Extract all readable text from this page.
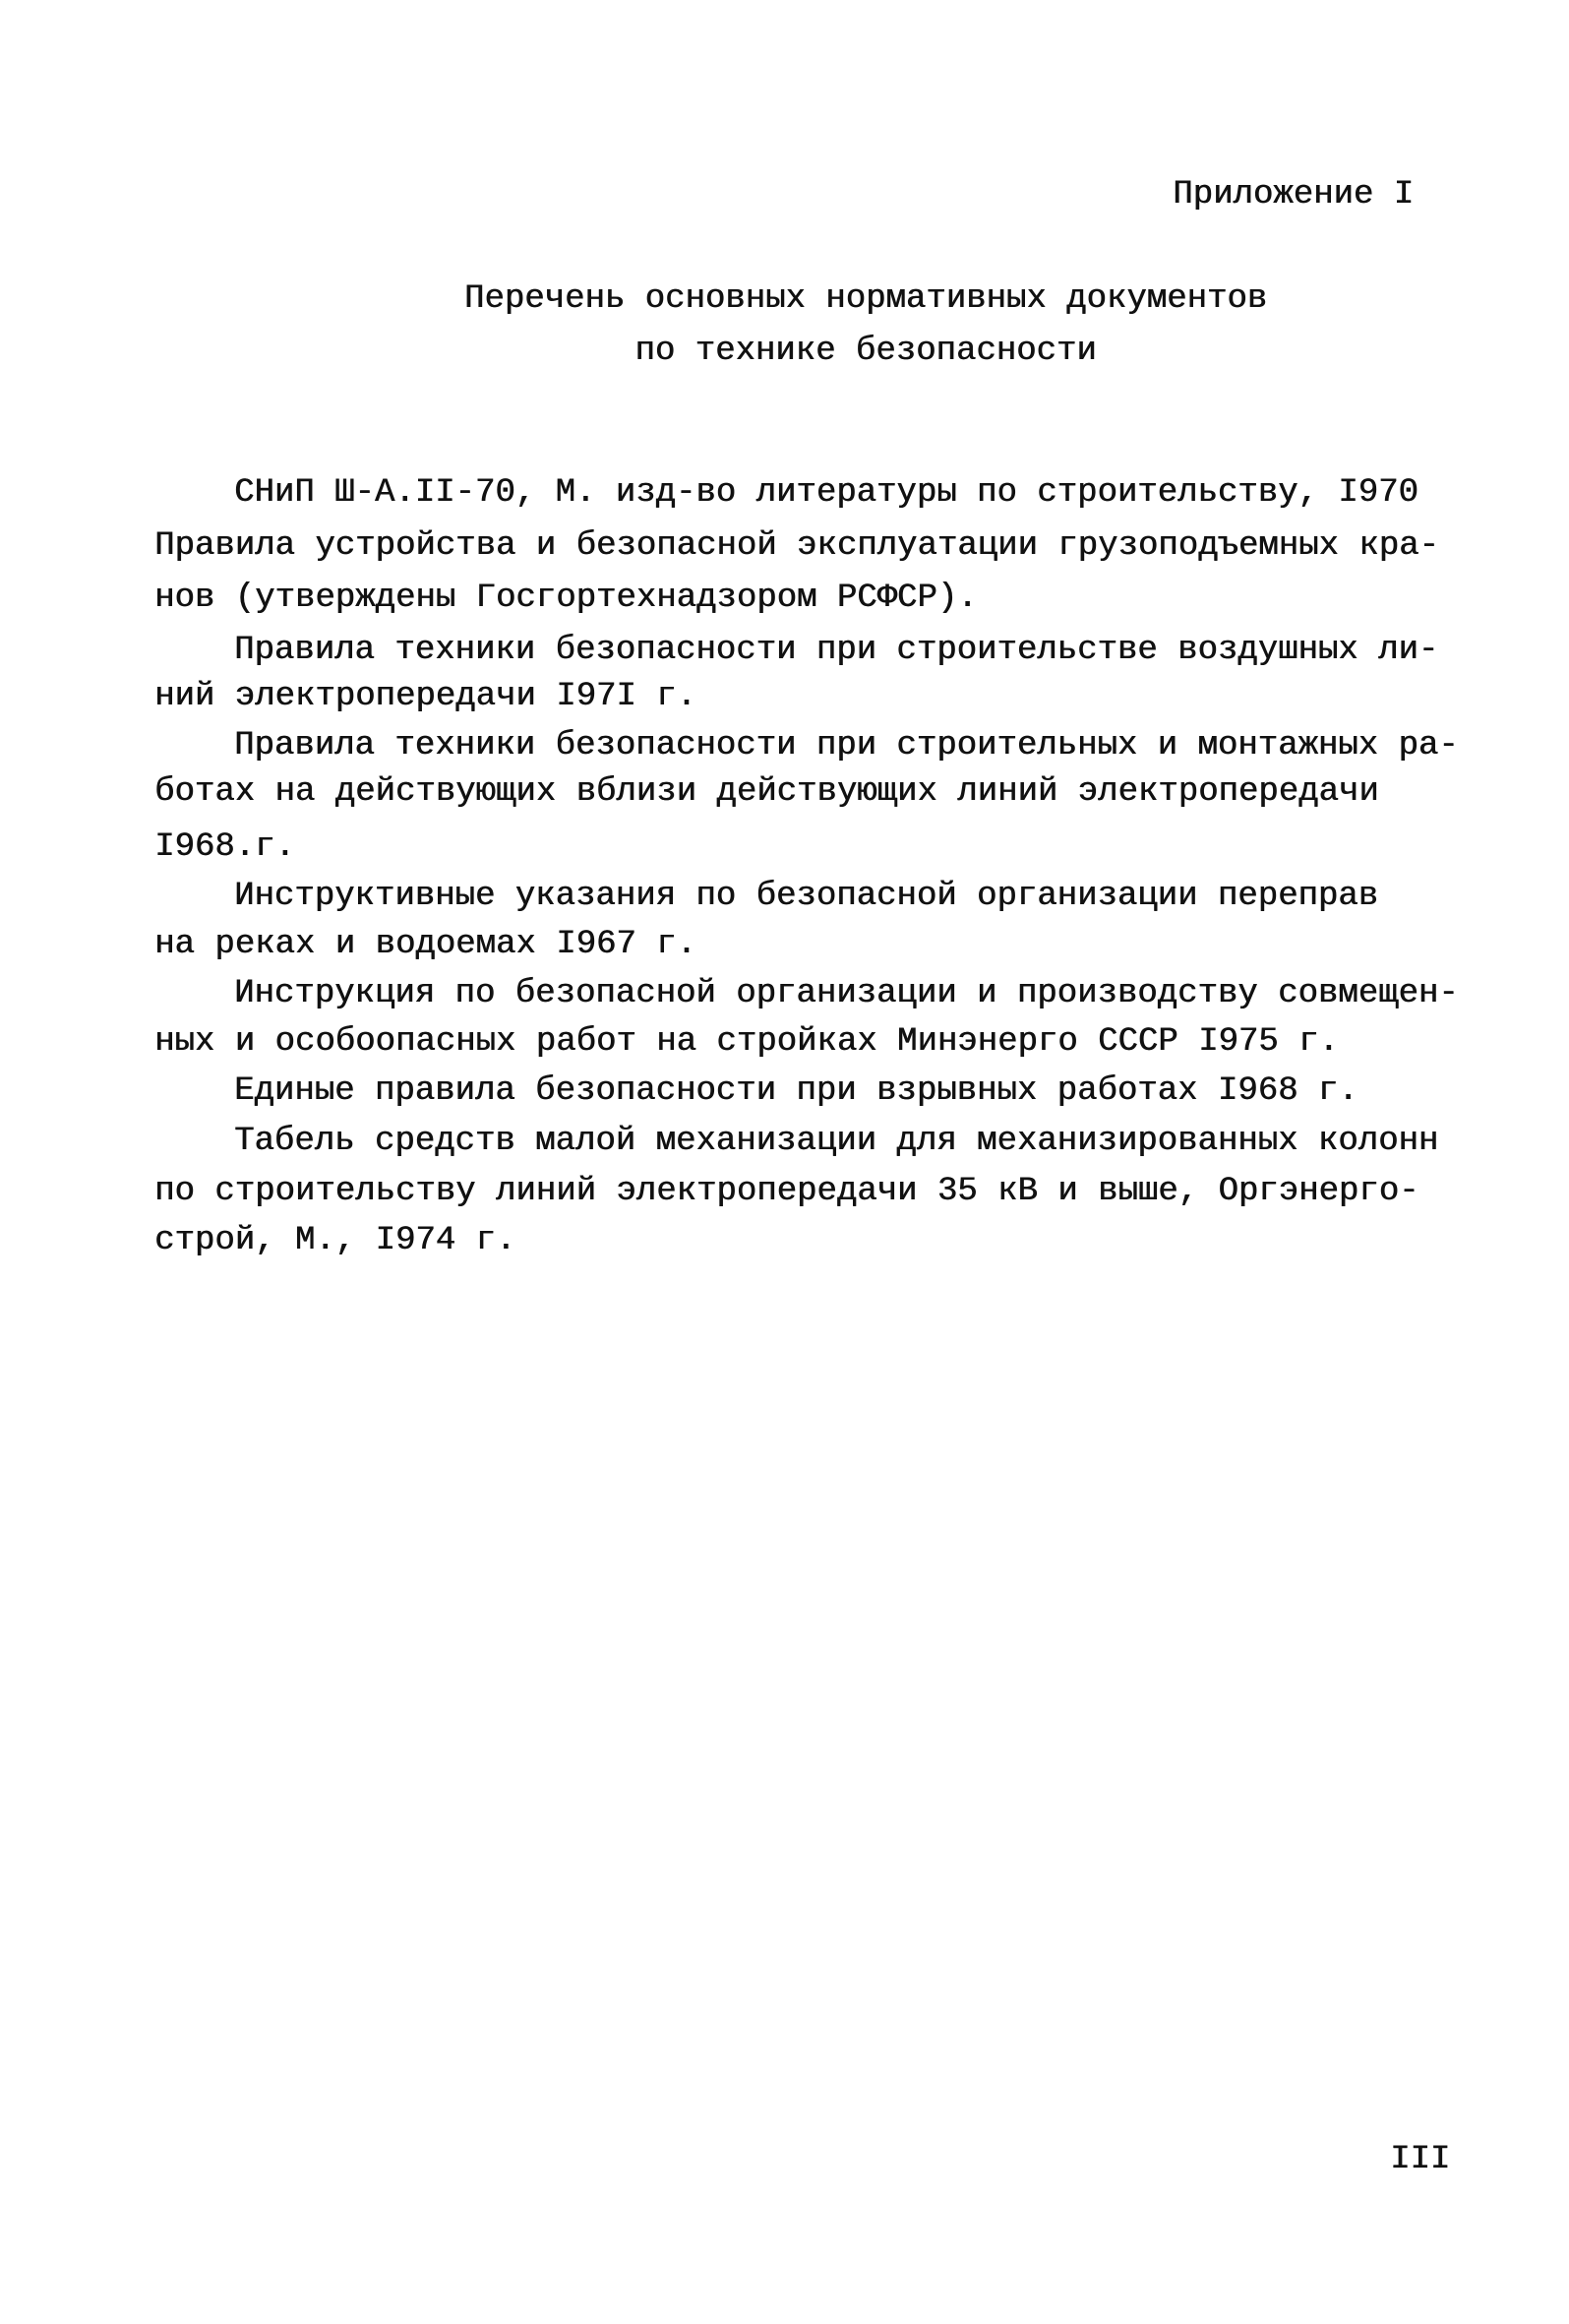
Приложение I
Перечень основных нормативных документов
по технике безопасности
СНиП Ш-А.II-70, М. изд-во литературы по строительству, I970
Правила устройства и безопасной эксплуатации грузоподъемных кра-
нов (утверждены Госгортехнадзором РСФСР).
Правила техники безопасности при строительстве воздушных ли-
ний электропередачи I97I г.
Правила техники безопасности при строительных и монтажных ра-
ботах на действующих вблизи действующих линий электропередачи
I968.г.
Инструктивные указания по безопасной организации переправ
на реках и водоемах I967 г.
Инструкция по безопасной организации и производству совмещен-
ных и особоопасных работ на стройках Минэнерго СССР I975 г.
Единые правила безопасности при взрывных работах I968 г.
Табель средств малой механизации для механизированных колонн
по строительству линий электропередачи 35 кВ и выше, Оргэнерго-
строй, М., I974 г.
III
